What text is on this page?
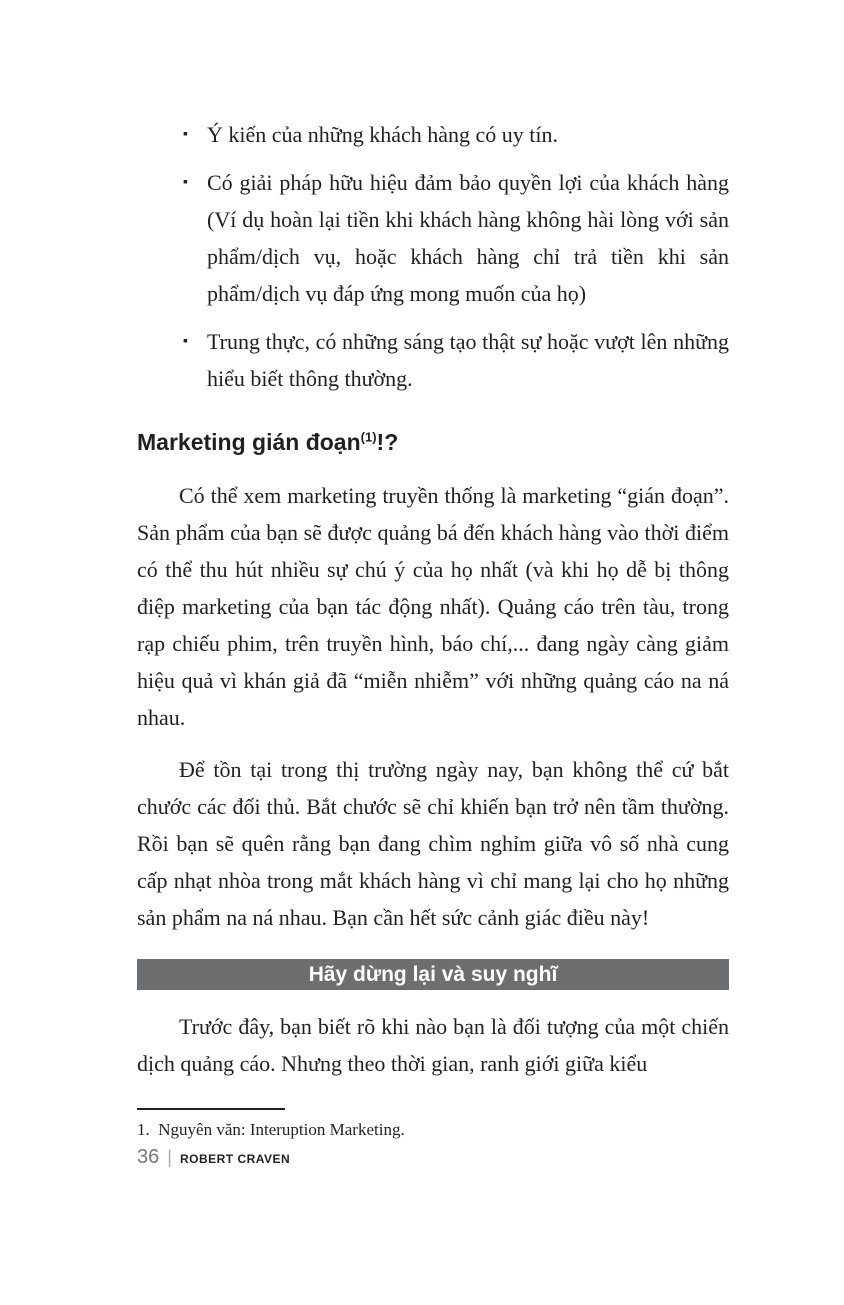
▪ Ý kiến của những khách hàng có uy tín.
▪ Có giải pháp hữu hiệu đảm bảo quyền lợi của khách hàng (Ví dụ hoàn lại tiền khi khách hàng không hài lòng với sản phẩm/dịch vụ, hoặc khách hàng chỉ trả tiền khi sản phẩm/dịch vụ đáp ứng mong muốn của họ)
▪ Trung thực, có những sáng tạo thật sự hoặc vượt lên những hiểu biết thông thường.
Marketing gián đoạn$^{(1)}$!?

Có thể xem marketing truyền thống là marketing “gián đoạn”. Sản phẩm của bạn sẽ được quảng bá đến khách hàng vào thời điểm có thể thu hút nhiều sự chú ý của họ nhất (và khi họ dễ bị thông điệp marketing của bạn tác động nhất). Quảng cáo trên tàu, trong rạp chiếu phim, trên truyền hình, báo chí,... đang ngày càng giảm hiệu quả vì khán giả đã “miễn nhiễm” với những quảng cáo na ná nhau.

Để tồn tại trong thị trường ngày nay, bạn không thể cứ bắt chước các đối thủ. Bắt chước sẽ chỉ khiến bạn trở nên tầm thường. Rồi bạn sẽ quên rằng bạn đang chìm nghỉm giữa vô số nhà cung cấp nhạt nhòa trong mắt khách hàng vì chỉ mang lại cho họ những sản phẩm na ná nhau. Bạn cần hết sức cảnh giác điều này!

Hãy dừng lại và suy nghĩ

Trước đây, bạn biết rõ khi nào bạn là đối tượng của một chiến dịch quảng cáo. Nhưng theo thời gian, ranh giới giữa kiểu

1. Nguyên văn: Interuption Marketing.

36 | ROBERT CRAVEN
